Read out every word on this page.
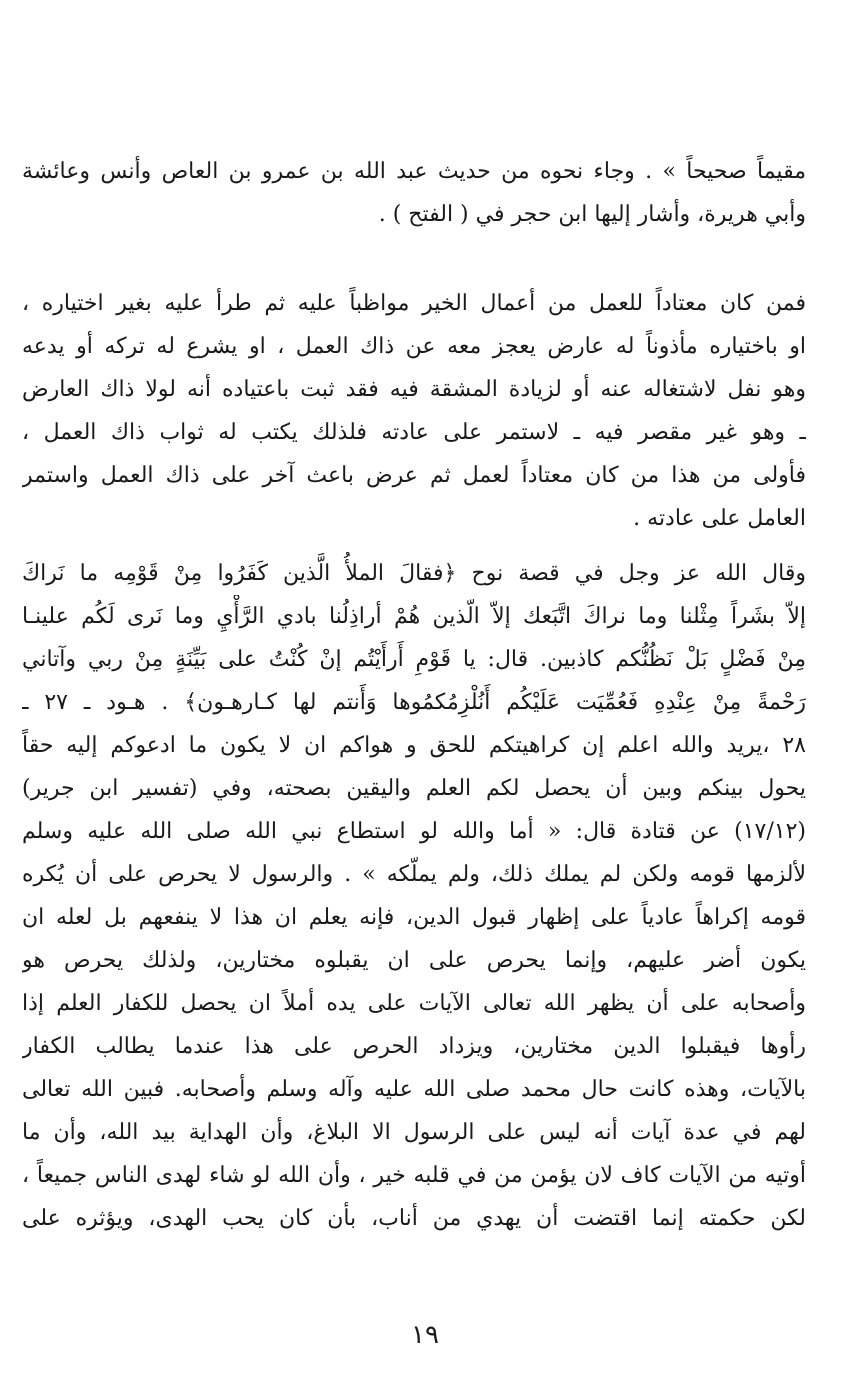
مقيماً صحيحاً » . وجاء نحوه من حديث عبد الله بن عمرو بن العاص وأنس وعائشة
وأبي هريرة، وأشار إليها ابن حجر في ( الفتح ) .
فمن كان معتاداً للعمل من أعمال الخير مواظباً عليه ثم طرأ عليه بغير اختياره ،
او باختياره مأذوناً له عارض يعجز معه عن ذاك العمل ، او يشرع له تركه أو يدعه
وهو نفل لاشتغاله عنه أو لزيادة المشقة فيه فقد ثبت باعتياده أنه لولا ذاك العارض
ـ وهو غير مقصر فيه ـ لاستمر على عادته فلذلك يكتب له ثواب ذاك العمل ،
فأولى من هذا من كان معتاداً لعمل ثم عرض باعث آخر على ذاك العمل واستمر
العامل على عادته .
وقال الله عز وجل في قصة نوح ﴿فقالَ الملأُ الَّذين كَفَرُوا مِنْ قَوْمِه ما نَراكَ
إلاّ بشَراً مِثْلنا وما نراكَ اتَّبَعك إلاّ الّذين هُمْ أراذِلُنا بادي الرَّأْيِ وما نَرى لَكُم علينـا
مِنْ فَضْلٍ بَلْ نَظُنُّكم كاذبين. قال: يا قَوْمِ أَرأَيْتُم إنْ كُنْتُ على بَيِّنَةٍ مِنْ ربي وآتاني
رَحْمةً مِنْ عِنْدِهِ فَعُمِّيَت عَلَيْكُم أَنُلْزِمُكمُوها وَأَنتم لها كـارهـون﴾ . هـود ـ ٢٧ ـ
٢٨ ،يريد والله اعلم إن كراهيتكم للحق و هواكم ان لا يكون ما ادعوكم إليه حقاً
يحول بينكم وبين أن يحصل لكم العلم واليقين بصحته، وفي (تفسير ابن جرير)
(١٧/١٢) عن قتادة قال: « أما والله لو استطاع نبي الله صلى الله عليه وسلم
لألزمها قومه ولكن لم يملك ذلك، ولم يملّكه » . والرسول لا يحرص على أن يُكره
قومه إكراهاً عادياً على إظهار قبول الدين، فإنه يعلم ان هذا لا ينفعهم بل لعله ان
يكون أضر عليهم، وإنما يحرص على ان يقبلوه مختارين، ولذلك يحرص هو
وأصحابه على أن يظهر الله تعالى الآيات على يده أملاً ان يحصل للكفار العلم إذا
رأوها فيقبلوا الدين مختارين، ويزداد الحرص على هذا عندما يطالب الكفار
بالآيات، وهذه كانت حال محمد صلى الله عليه وآله وسلم وأصحابه. فبين الله تعالى
لهم في عدة آيات أنه ليس على الرسول الا البلاغ، وأن الهداية بيد الله، وأن ما
أوتيه من الآيات كاف لان يؤمن من في قلبه خير ، وأن الله لو شاء لهدى الناس جميعاً ،
لكن حكمته إنما اقتضت أن يهدي من أناب، بأن كان يحب الهدى، ويؤثره على
١٩
